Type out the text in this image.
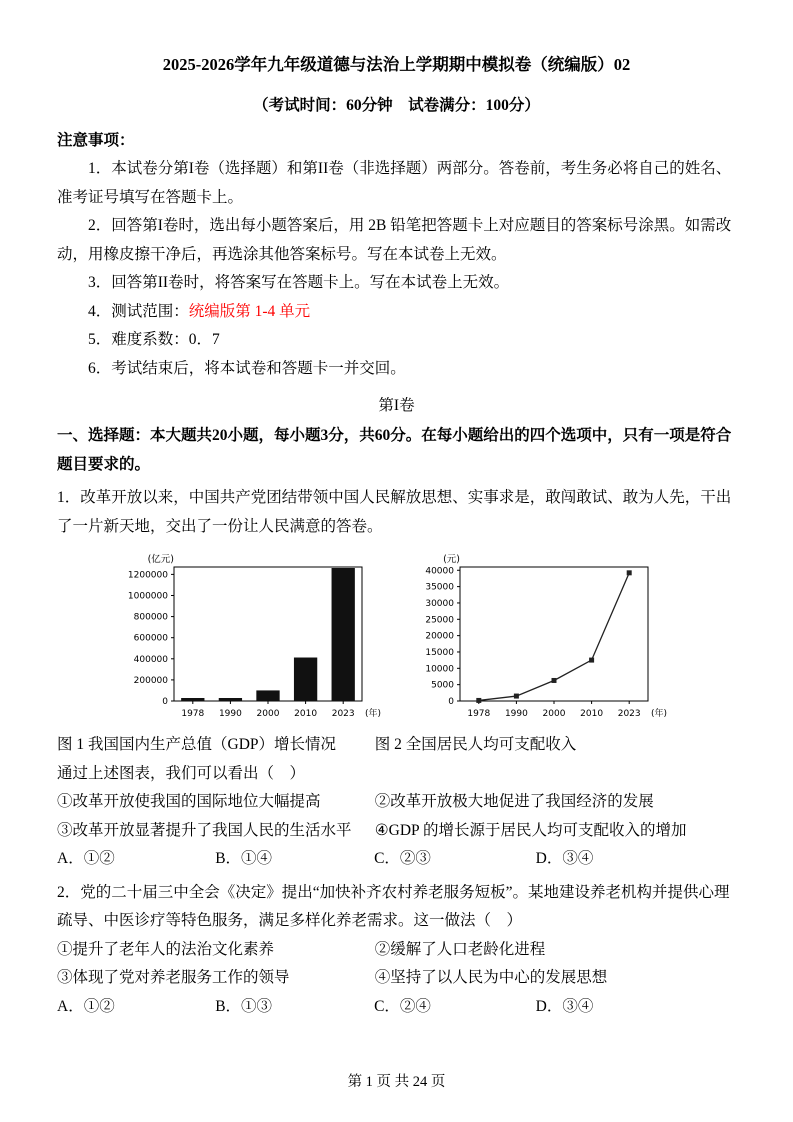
2025-2026学年九年级道德与法治上学期期中模拟卷（统编版）02
（考试时间：60分钟　试卷满分：100分）
注意事项：

1．本试卷分第I卷（选择题）和第II卷（非选择题）两部分。答卷前，考生务必将自己的姓名、准考证号填写在答题卡上。

2．回答第I卷时，选出每小题答案后，用 2B 铅笔把答题卡上对应题目的答案标号涂黑。如需改动，用橡皮擦干净后，再选涂其他答案标号。写在本试卷上无效。

3．回答第II卷时，将答案写在答题卡上。写在本试卷上无效。

4．测试范围：统编版第 1-4 单元

5．难度系数：0．7

6．考试结束后，将本试卷和答题卡一并交回。

第I卷

一、选择题：本大题共20小题，每小题3分，共60分。在每小题给出的四个选项中，只有一项是符合题目要求的。

1．改革开放以来，中国共产党团结带领中国人民解放思想、实事求是，敢闯敢试、敢为人先，干出了一片新天地，交出了一份让人民满意的答卷。

0
200000
400000
600000
800000
1000000
1200000
(亿元)
1978 1990 2000 2010 2023 (年)
0
5000
10000
15000
20000
25000
30000
35000
40000
(元)
1978 1990 2000 2010 2023 (年)
图 1 我国国内生产总值（GDP）增长情况	图 2 全国居民人均可支配收入

通过上述图表，我们可以看出（　）

①改革开放使我国的国际地位大幅提高	②改革开放极大地促进了我国经济的发展
③改革开放显著提升了我国人民的生活水平	④GDP 的增长源于居民人均可支配收入的增加
A．①②	B．①④	C．②③	D．③④

2．党的二十届三中全会《决定》提出“加快补齐农村养老服务短板”。某地建设养老机构并提供心理疏导、中医诊疗等特色服务，满足多样化养老需求。这一做法（　）

①提升了老年人的法治文化素养	②缓解了人口老龄化进程
③体现了党对养老服务工作的领导	④坚持了以人民为中心的发展思想
A．①②	B．①③	C．②④	D．③④
第 1 页 共 24 页
